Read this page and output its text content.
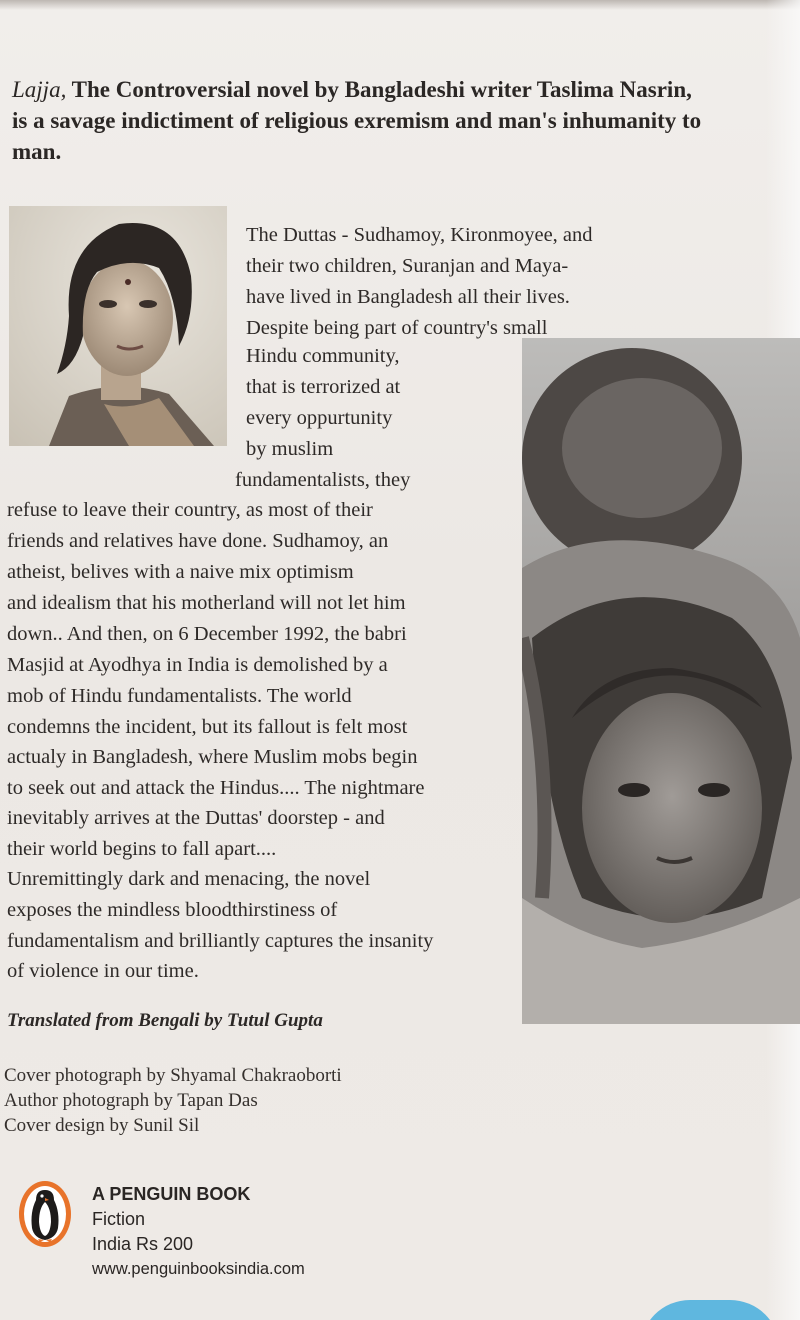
Lajja, The Controversial novel by Bangladeshi writer Taslima Nasrin, is a savage indictiment of religious exremism and man's inhumanity to man.

The Duttas - Sudhamoy, Kironmoyee, and

their two children, Suranjan and Maya-

have lived in Bangladesh all their lives.

Despite being part of country's small

Hindu community,

that is terrorized at

every oppurtunity

by muslim

fundamentalists, they

refuse to leave their country, as most of their

friends and relatives have done. Sudhamoy, an

atheist, belives with a naive mix optimism

and idealism that his motherland will not let him

down.. And then, on 6 December 1992, the babri

Masjid at Ayodhya in India is demolished by a

mob of Hindu fundamentalists. The world

condemns the incident, but its fallout is felt most

actualy in Bangladesh, where Muslim mobs begin

to seek out and attack the Hindus.... The nightmare

inevitably arrives at the Duttas' doorstep - and

their world begins to fall apart....

Unremittingly dark and menacing, the novel

exposes the mindless bloodthirstiness of

fundamentalism and brilliantly captures the insanity

of violence in our time.

Translated from Bengali by Tutul Gupta

Cover photograph by Shyamal Chakraoborti

Author photograph by Tapan Das

Cover design by Sunil Sil

A PENGUIN BOOK

Fiction

India Rs 200

www.penguinbooksindia.com
